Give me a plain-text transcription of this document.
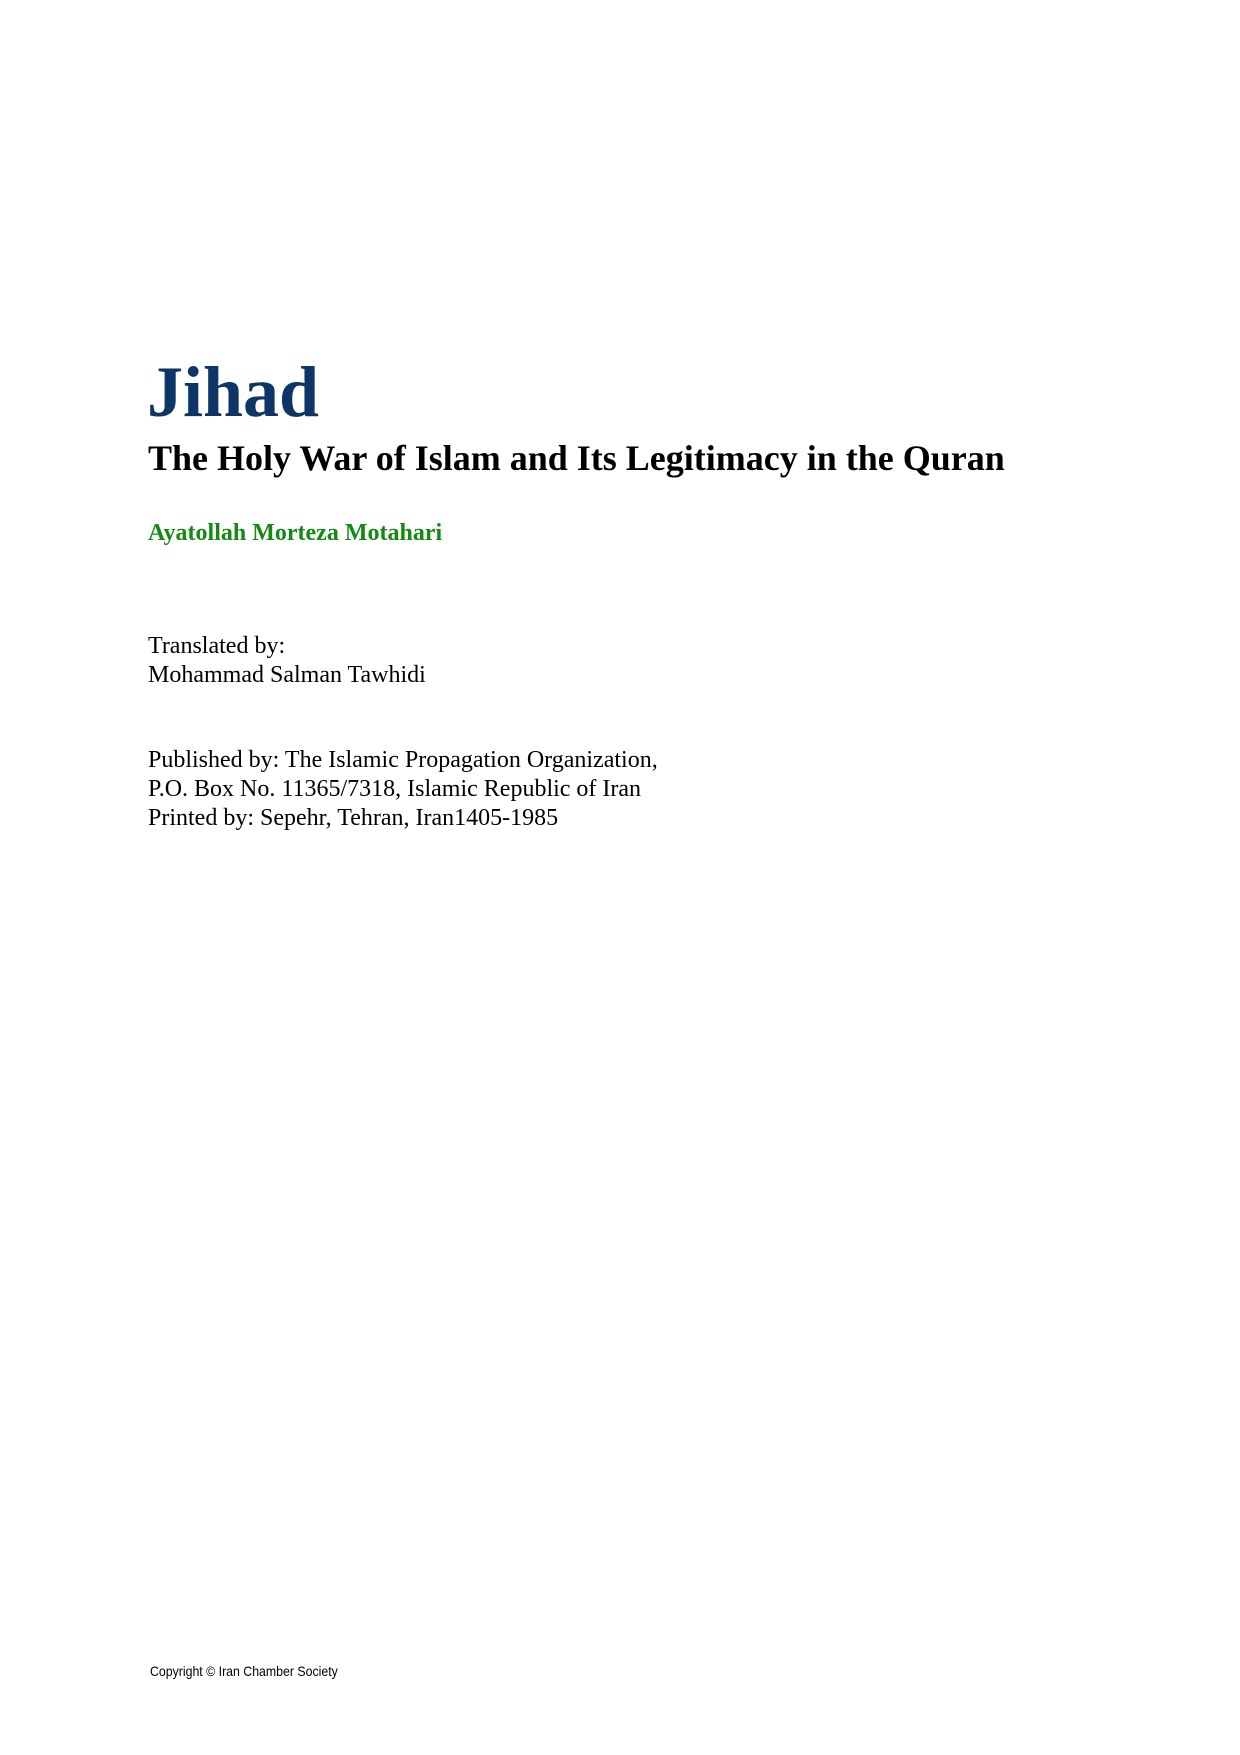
Jihad
The Holy War of Islam and Its Legitimacy in the Quran

Ayatollah Morteza Motahari

Translated by:
Mohammad Salman Tawhidi
Published by: The Islamic Propagation Organization,
P.O. Box No. 11365/7318, Islamic Republic of Iran
Printed by: Sepehr, Tehran, Iran1405-1985

Copyright © Iran Chamber Society
